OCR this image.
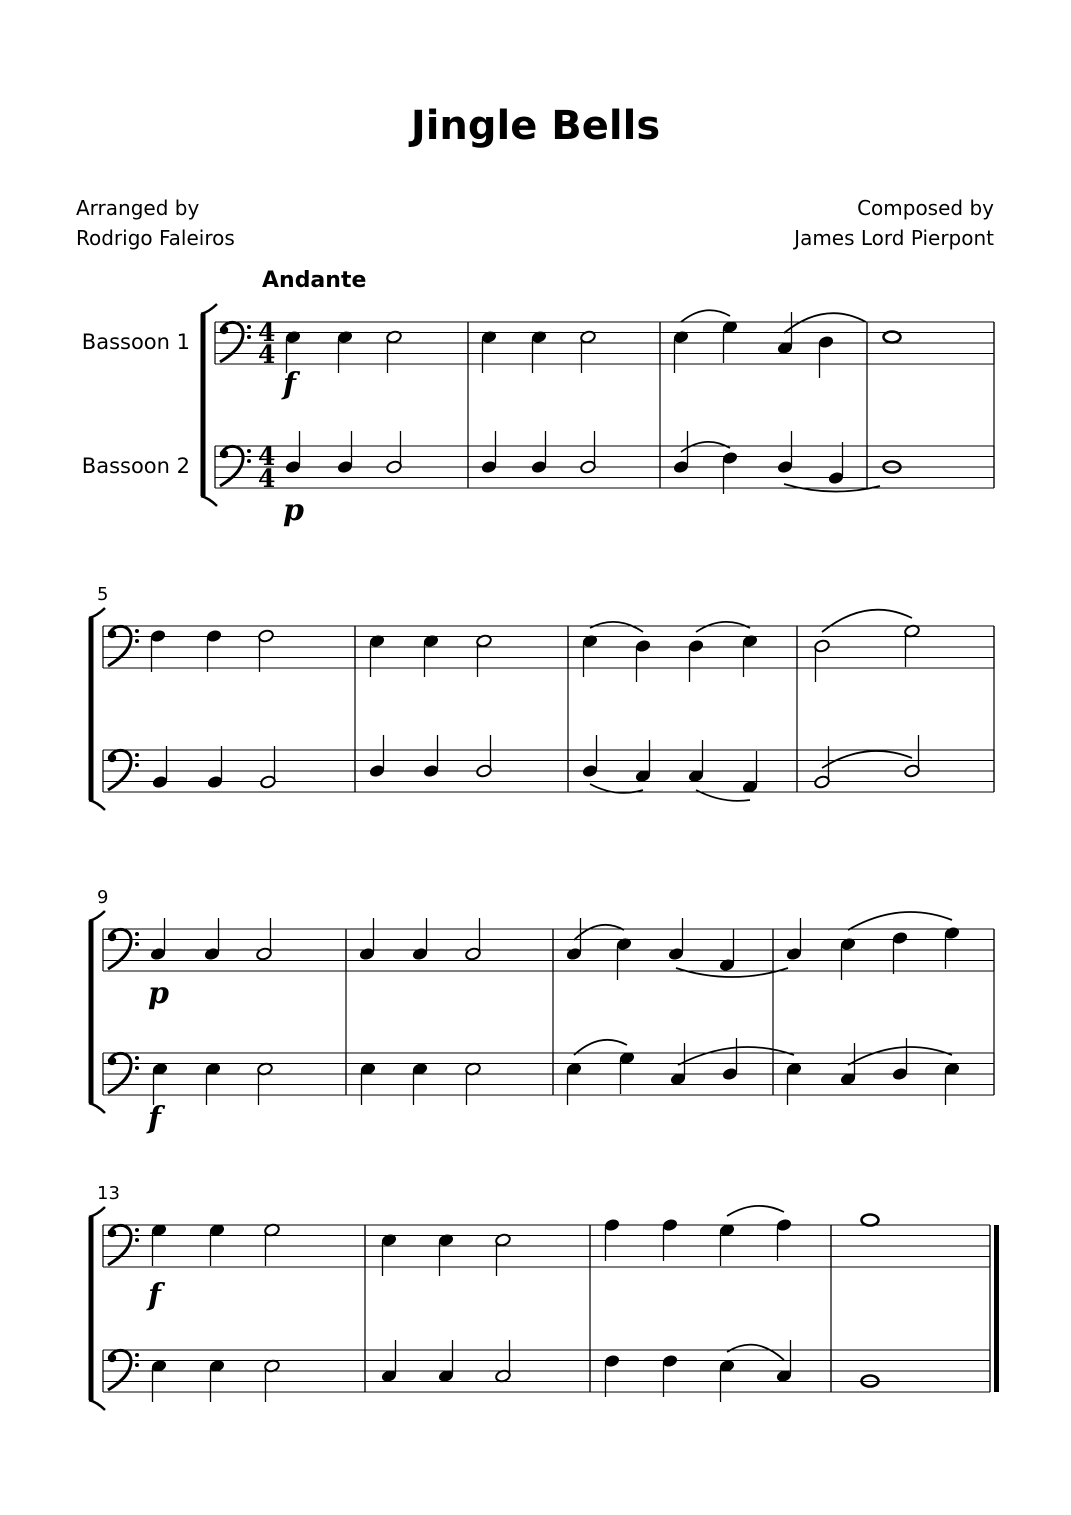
Jingle Bells
Arranged by
Rodrigo Faleiros
Composed by
James Lord Pierpont
Andante
Bassoon 1
Bassoon 2
4
4
4
4
5
9
13
f
p
p
f
f
